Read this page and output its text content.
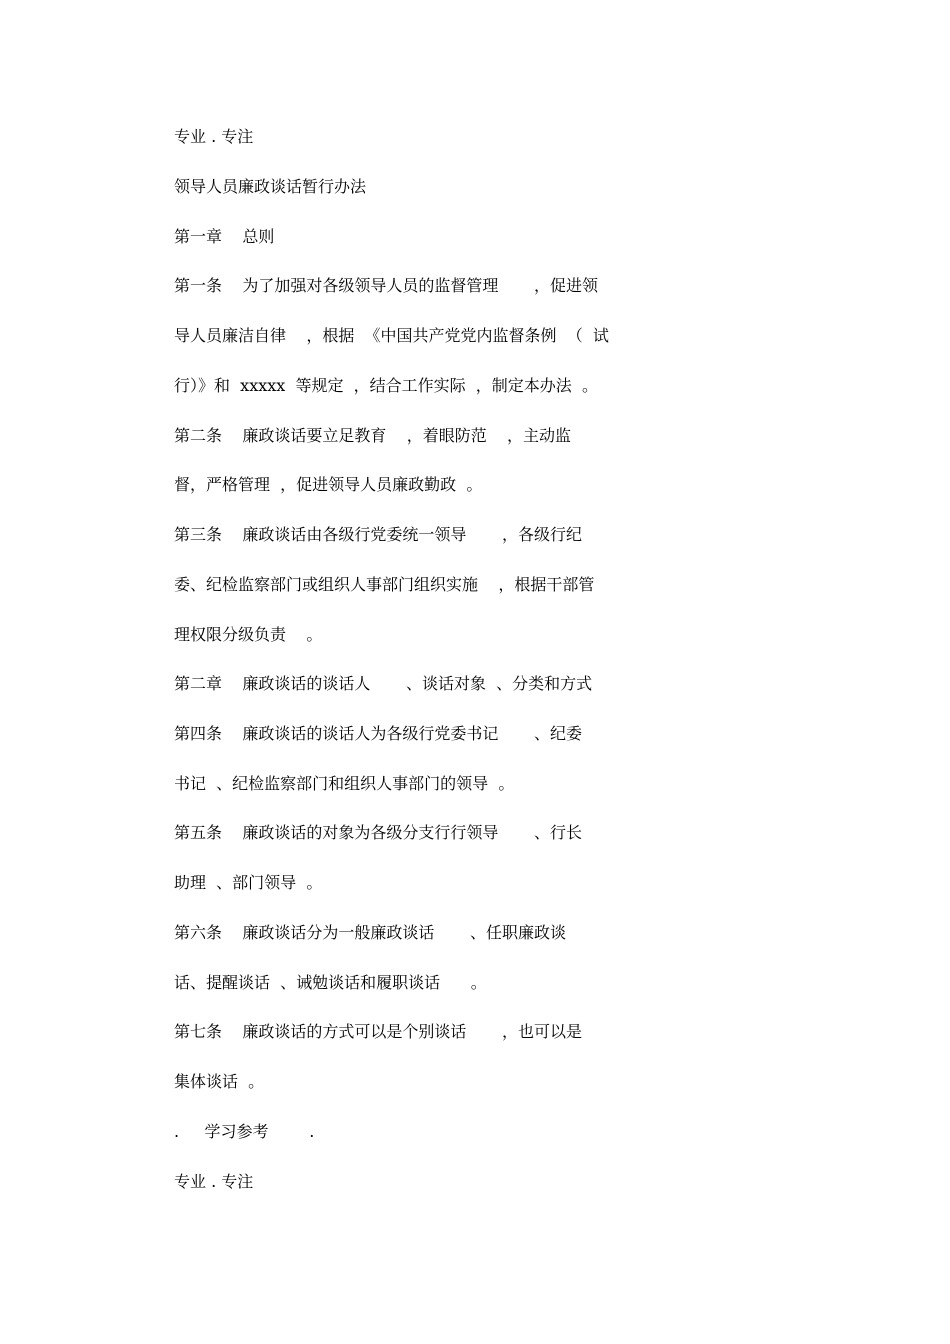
专业 . 专注
领导人员廉政谈话暂行办法
第一章    总则
第一条    为了加强对各级领导人员的监督管理       ，促进领
导人员廉洁自律    ，根据  《中国共产党党内监督条例  （  试
行）》和  xxxxx  等规定  ，结合工作实际  ，制定本办法  。
第二条    廉政谈话要立足教育    ，着眼防范    ，主动监
督，严格管理  ，促进领导人员廉政勤政  。
第三条    廉政谈话由各级行党委统一领导       ，各级行纪
委、纪检监察部门或组织人事部门组织实施    ，根据干部管
理权限分级负责    。
第二章    廉政谈话的谈话人       、谈话对象  、分类和方式
第四条    廉政谈话的谈话人为各级行党委书记       、纪委
书记  、纪检监察部门和组织人事部门的领导  。
第五条    廉政谈话的对象为各级分支行行领导       、行长
助理  、部门领导  。
第六条    廉政谈话分为一般廉政谈话       、任职廉政谈
话、提醒谈话  、诫勉谈话和履职谈话      。
第七条    廉政谈话的方式可以是个别谈话       ，也可以是
集体谈话  。
.     学习参考        .
专业 . 专注
